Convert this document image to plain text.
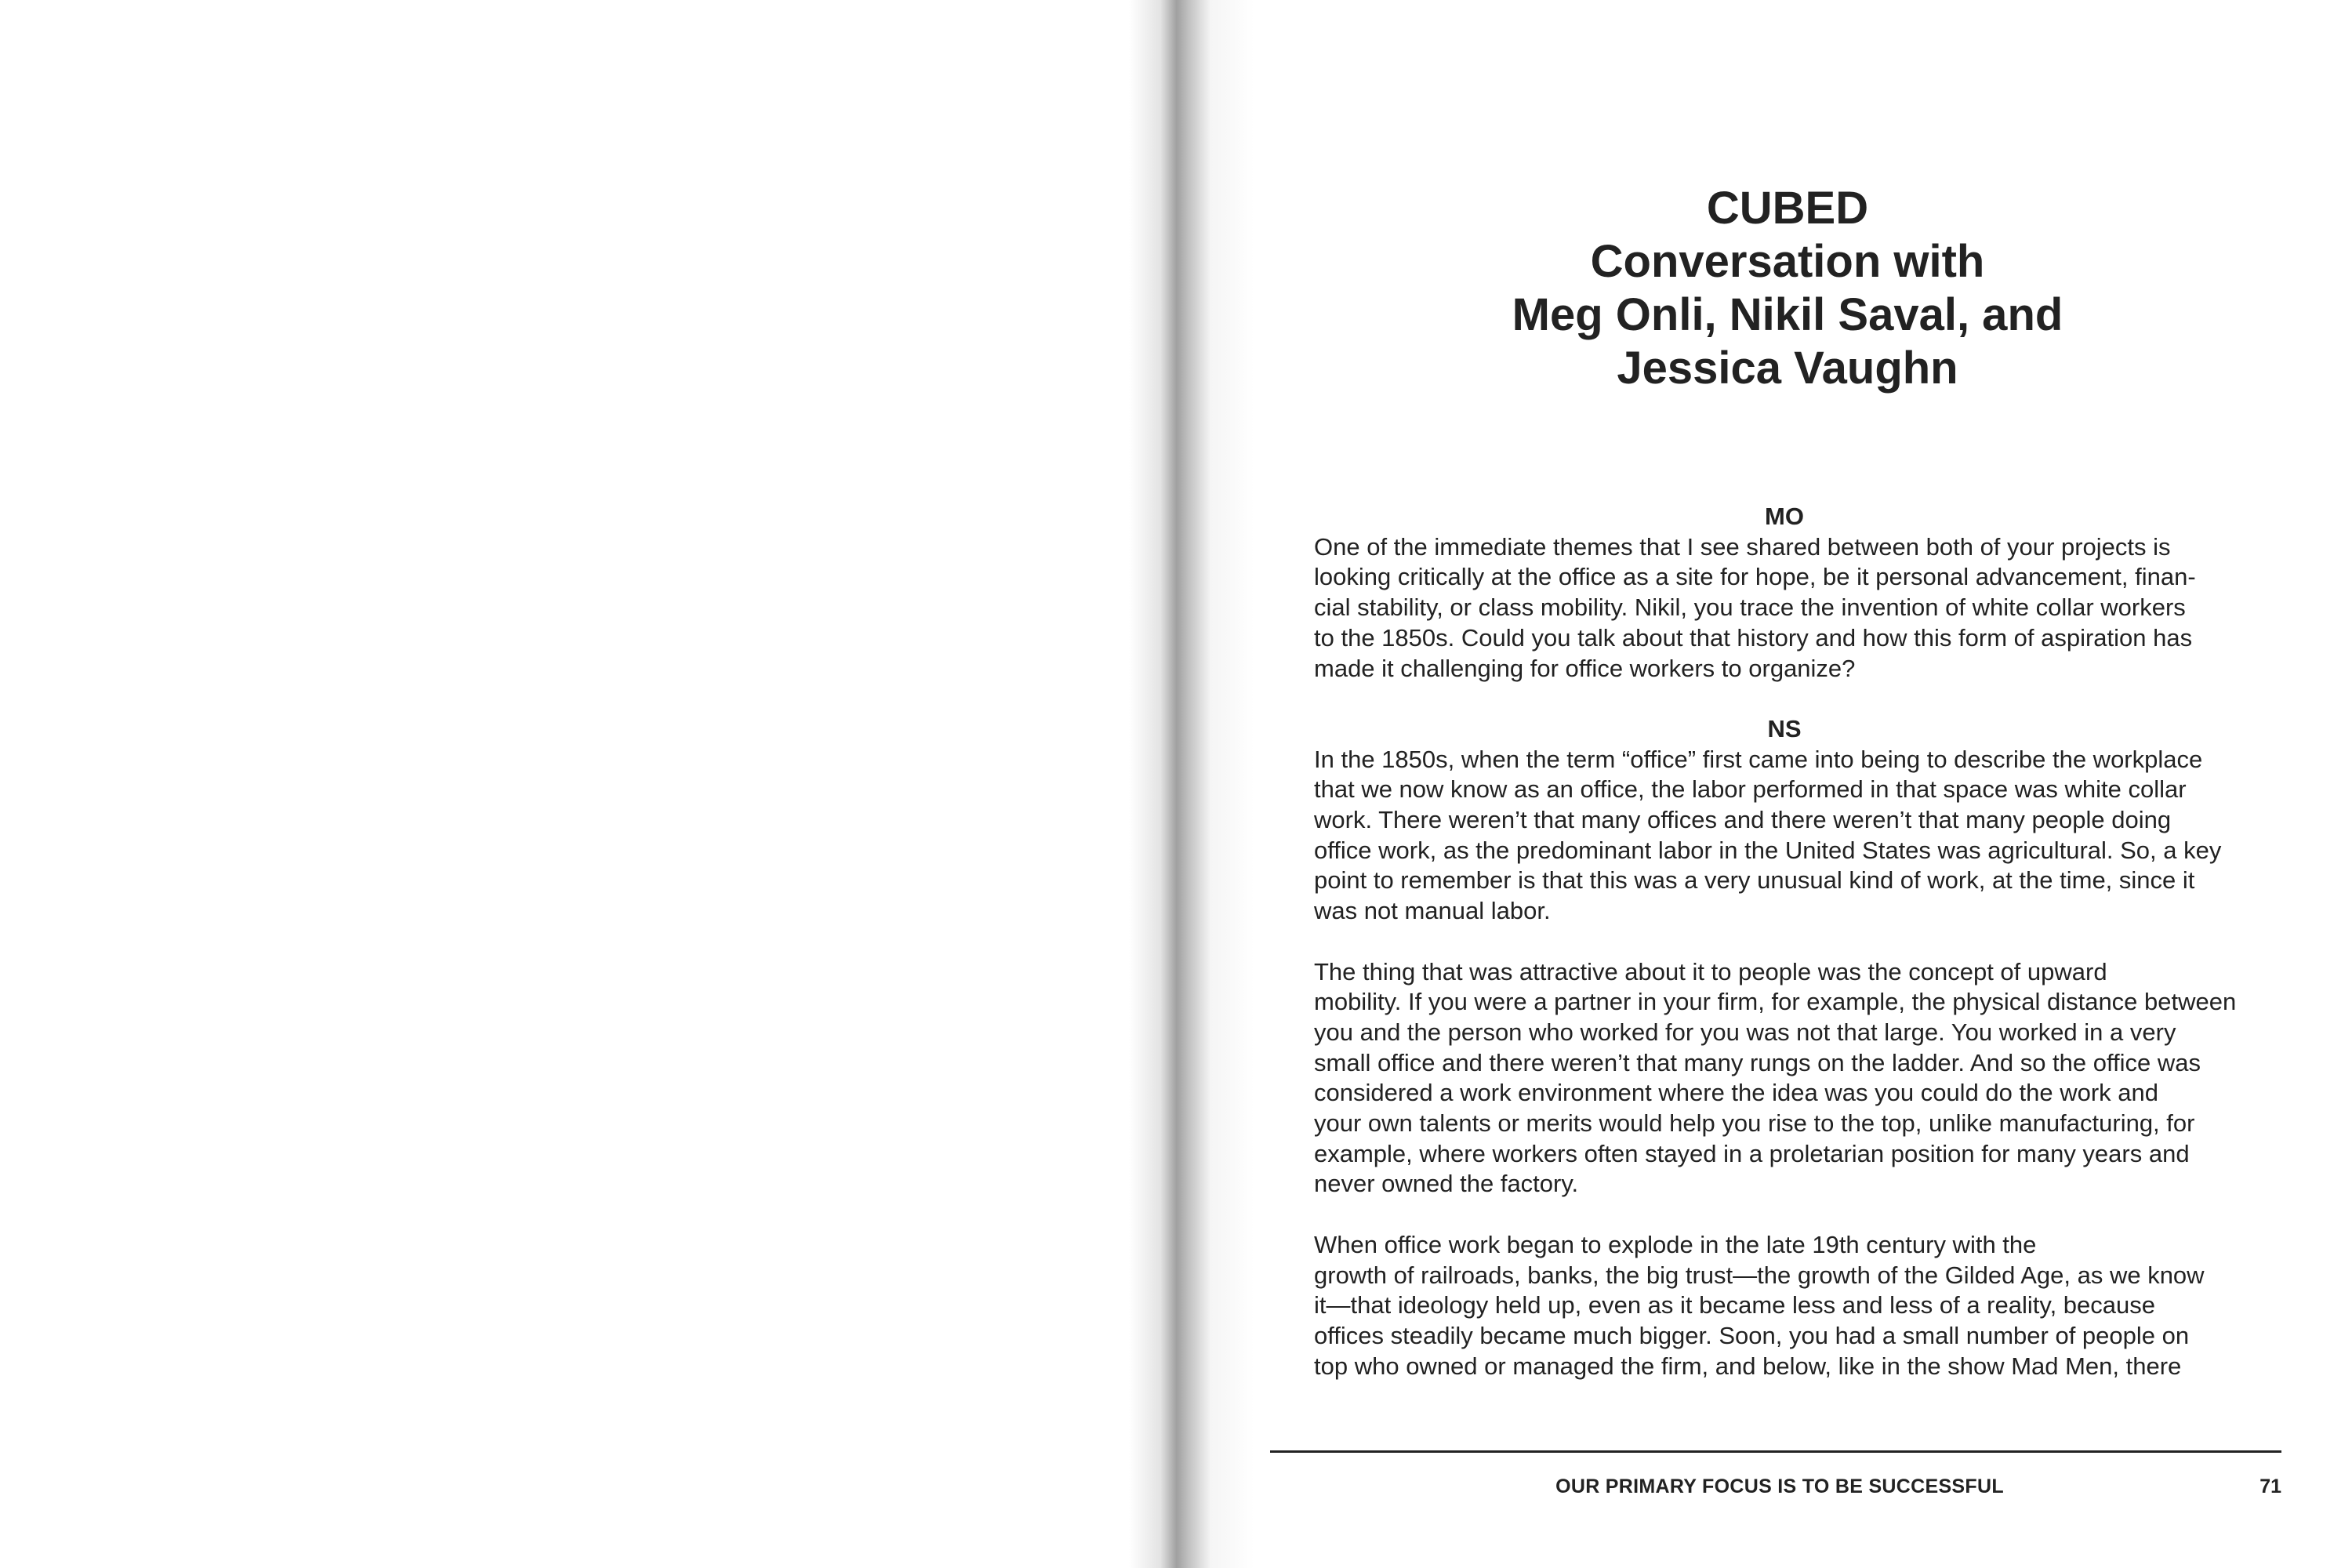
CUBED
Conversation with
Meg Onli, Nikil Saval, and
Jessica Vaughn
MO

One of the immediate themes that I see shared between both of your projects is
looking critically at the office as a site for hope, be it personal advancement, finan-
cial stability, or class mobility. Nikil, you trace the invention of white collar workers
to the 1850s. Could you talk about that history and how this form of aspiration has
made it challenging for office workers to organize?

NS

In the 1850s, when the term “office” first came into being to describe the workplace
that we now know as an office, the labor performed in that space was white collar
work. There weren’t that many offices and there weren’t that many people doing
office work, as the predominant labor in the United States was agricultural. So, a key
point to remember is that this was a very unusual kind of work, at the time, since it
was not manual labor.

The thing that was attractive about it to people was the concept of upward
mobility. If you were a partner in your firm, for example, the physical distance between
you and the person who worked for you was not that large. You worked in a very
small office and there weren’t that many rungs on the ladder. And so the office was
considered a work environment where the idea was you could do the work and
your own talents or merits would help you rise to the top, unlike manufacturing, for
example, where workers often stayed in a proletarian position for many years and
never owned the factory.

When office work began to explode in the late 19th century with the
growth of railroads, banks, the big trust—the growth of the Gilded Age, as we know
it—that ideology held up, even as it became less and less of a reality, because
offices steadily became much bigger. Soon, you had a small number of people on
top who owned or managed the firm, and below, like in the show Mad Men, there

OUR PRIMARY FOCUS IS TO BE SUCCESSFUL	71
